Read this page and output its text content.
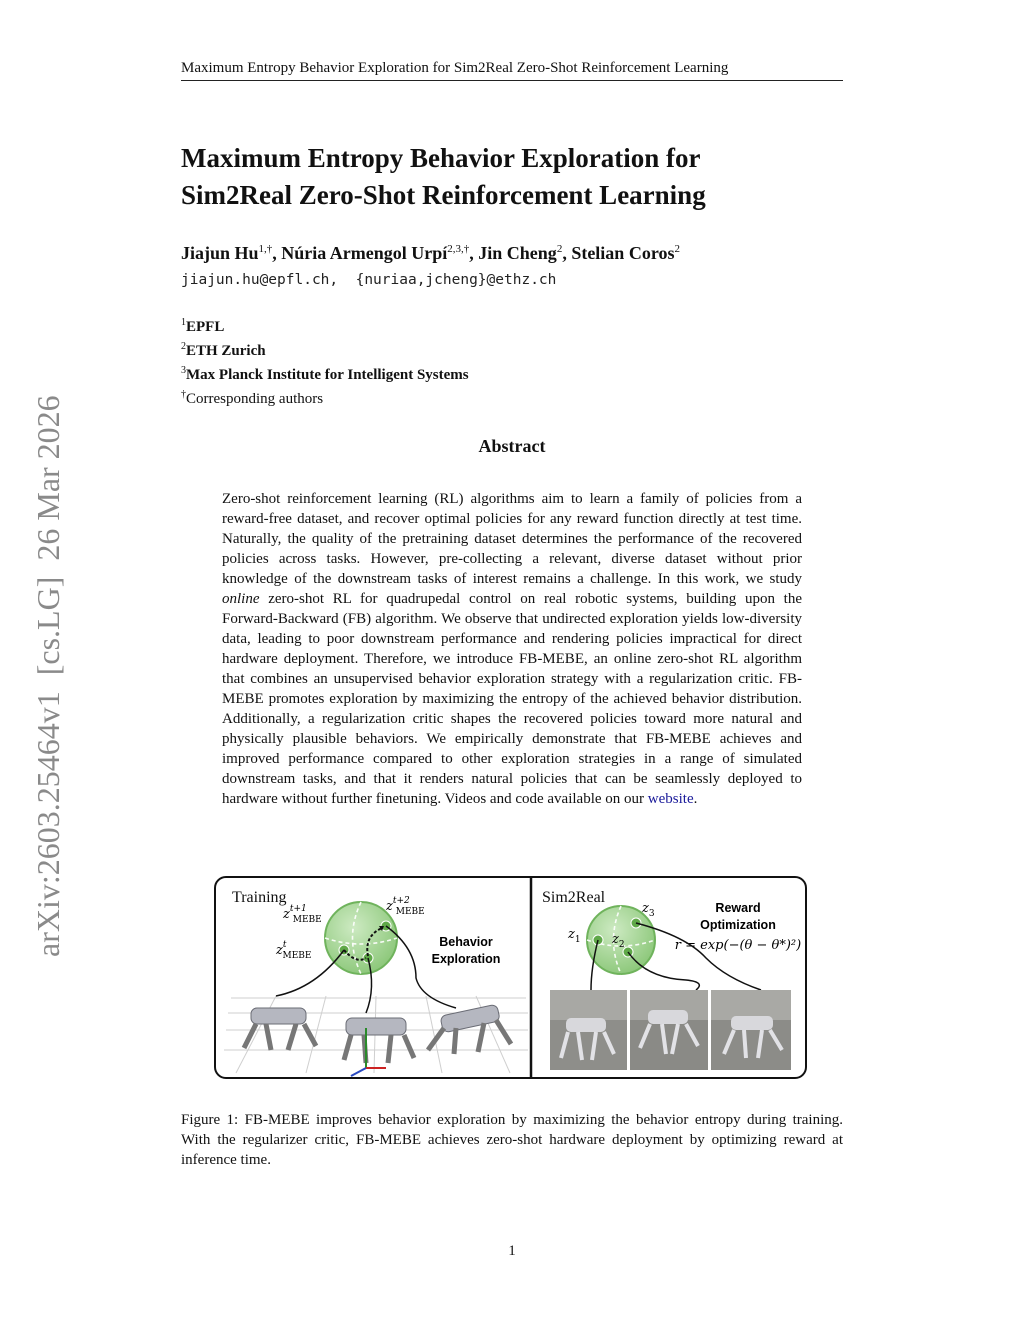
Maximum Entropy Behavior Exploration for Sim2Real Zero-Shot Reinforcement Learning
Maximum Entropy Behavior Exploration for
Sim2Real Zero-Shot Reinforcement Learning
Jiajun $Hu^{1,\dagger}$, Núria Armengol Urpí$^{2,3,\dagger}$, Jin Cheng$^2$, Stelian Coros$^2$
jiajun.hu@epfl.ch,  {nuriaa,jcheng}@ethz.ch
$^1$EPFL
$^2$ETH Zurich
$^3$Max Planck Institute for Intelligent Systems
†Corresponding authors
arXiv:2603.25464v1  [cs.LG]  26 Mar 2026	Abstract
Zero-shot reinforcement learning (RL) algorithms aim to learn a family of policies from a reward-free dataset, and recover optimal policies for any reward function directly at test time. Naturally, the quality of the pretraining dataset determines the performance of the recovered policies across tasks. However, pre-collecting a relevant, diverse dataset without prior knowledge of the downstream tasks of interest remains a challenge. In this work, we study online zero-shot RL for quadrupedal control on real robotic systems, building upon the Forward-Backward (FB) algorithm. We observe that undirected exploration yields low-diversity data, leading to poor downstream performance and rendering policies impractical for direct hardware deployment. Therefore, we introduce FB-MEBE, an online zero-shot RL algorithm that combines an unsupervised behavior exploration strategy with a regularization critic. FB-MEBE promotes exploration by maximizing the entropy of the achieved behavior distribution. Additionally, a regularization critic shapes the recovered policies toward more natural and physically plausible behaviors. We empirically demonstrate that FB-MEBE achieves and improved performance compared to other exploration strategies in a range of simulated downstream tasks, and that it renders natural policies that can be seamlessly deployed to hardware without further finetuning. Videos and code available on our website.
Training
$z^{t+1}$ MEBE
$z^{t+2}$ MEBE
$z^t$ MEBE
Behavior
Exploration
Sim2Real
$z_1$ $z_2$
$z_3$	Reward
Optimization
r = exp(−(θ − θ*)²)
Figure 1: FB-MEBE improves behavior exploration by maximizing the behavior entropy during training. With the regularizer critic, FB-MEBE achieves zero-shot hardware deployment by optimizing reward at inference time.
1
